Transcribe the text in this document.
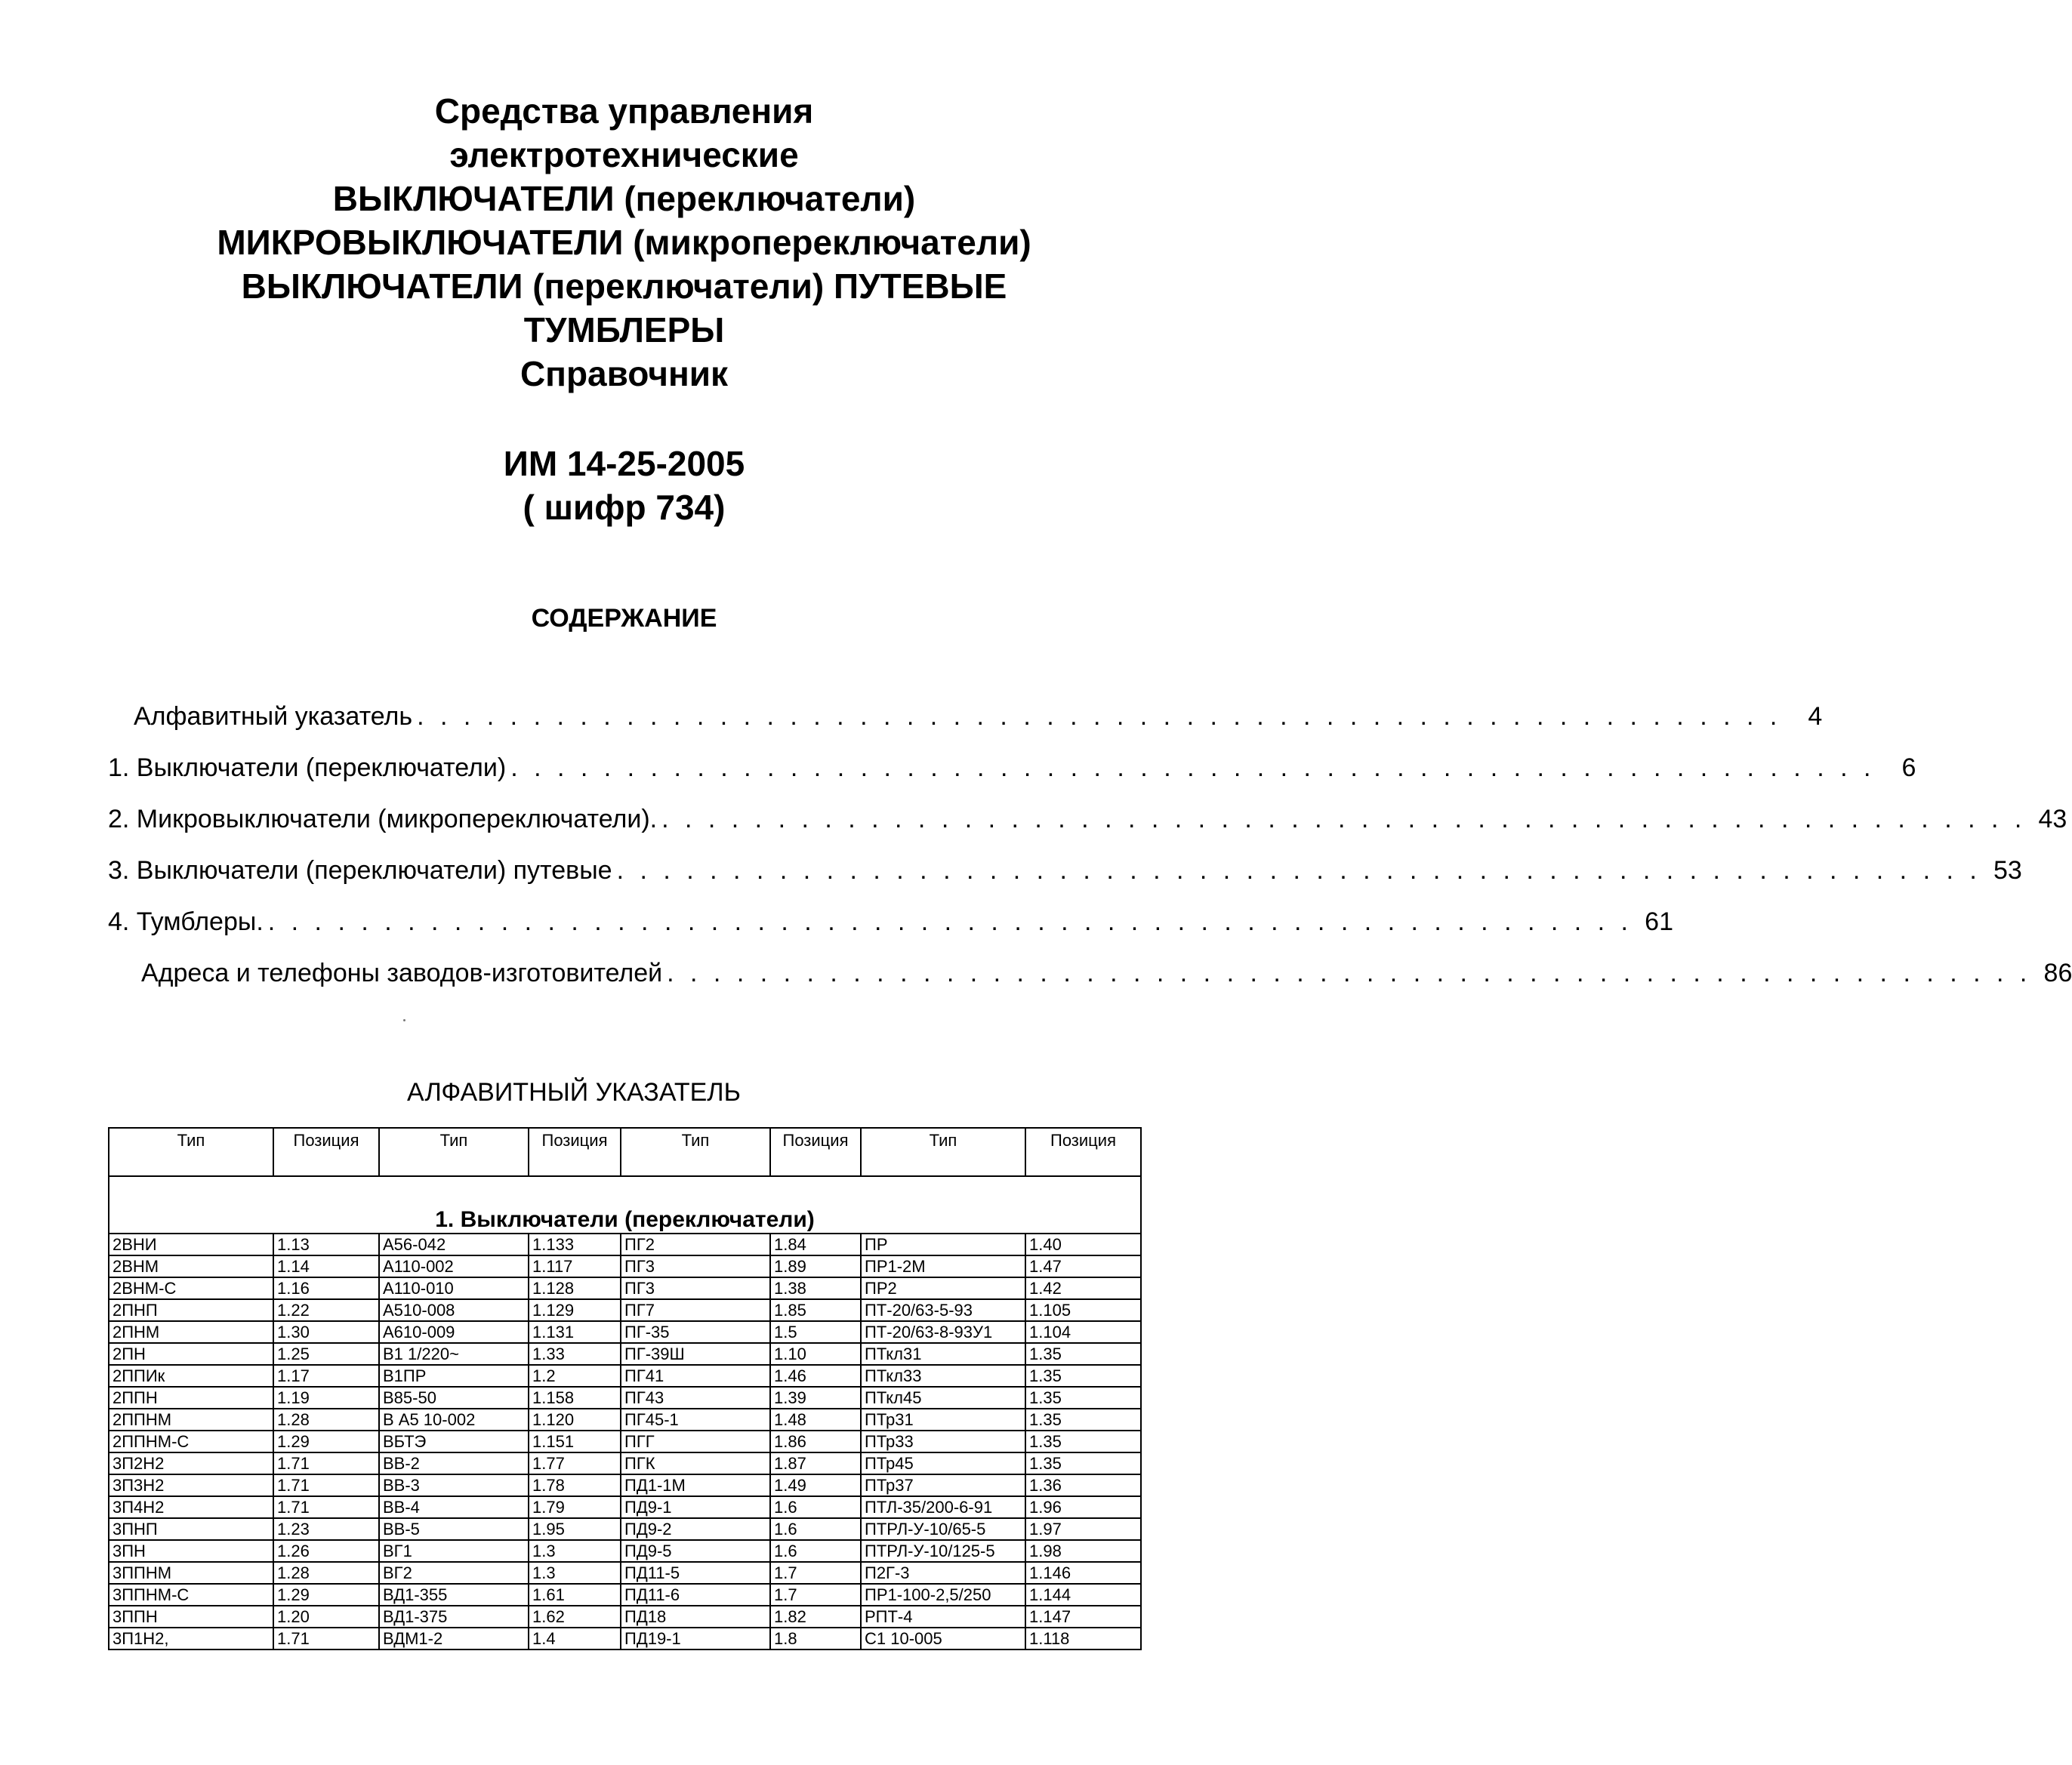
Средства управления
электротехнические
ВЫКЛЮЧАТЕЛИ (переключатели)
МИКРОВЫКЛЮЧАТЕЛИ (микропереключатели)
ВЫКЛЮЧАТЕЛИ (переключатели) ПУТЕВЫЕ
ТУМБЛЕРЫ
Справочник
ИМ 14-25-2005
( шифр 734)
СОДЕРЖАНИЕ
Алфавитный указатель . . . . . . . . . . . . . . . . . . . . . . . . . . . . . . . . . . . . . . . . . . . . . . . . . . . . . . . . . . .	4
1. Выключатели (переключатели) . . . . . . . . . . . . . . . . . . . . . . . . . . . . . . . . . . . . . . . . . . . . . . . . . . . . . . . . . . .	6
2. Микровыключатели (микропереключатели). . . . . . . . . . . . . . . . . . . . . . . . . . . . . . . . . . . . . . . . . . . . . . . . . . . . . . . . . . . . 43
3. Выключатели (переключатели) путевые . . . . . . . . . . . . . . . . . . . . . . . . . . . . . . . . . . . . . . . . . . . . . . . . . . . . . . . . . . . 53
4. Тумблеры. . . . . . . . . . . . . . . . . . . . . . . . . . . . . . . . . . . . . . . . . . . . . . . . . . . . . . . . . . . . 61
Адреса и телефоны заводов-изготовителей . . . . . . . . . . . . . . . . . . . . . . . . . . . . . . . . . . . . . . . . . . . . . . . . . . . . . . . . . . . 86
АЛФАВИТНЫЙ УКАЗАТЕЛЬ
Тип	Позиция	Тип	Позиция	Тип	Позиция	Тип	Позиция
1. Выключатели (переключатели)							
2ВНИ	1.13	А56-042	1.133	ПГ2	1.84	ПР	1.40
2ВНМ	1.14	А110-002	1.117	ПГ3	1.89	ПР1-2М	1.47
2ВНМ-С	1.16	А110-010	1.128	ПГ3	1.38	ПР2	1.42
2ПНП	1.22	А510-008	1.129	ПГ7	1.85	ПТ-20/63-5-93	1.105
2ПНМ	1.30	А610-009	1.131	ПГ-35	1.5	ПТ-20/63-8-93У1	1.104
2ПН	1.25	В1 1/220~	1.33	ПГ-39Ш	1.10	ПТкл31	1.35
2ППИк	1.17	В1ПР	1.2	ПГ41	1.46	ПТкл33	1.35
2ППН	1.19	В85-50	1.158	ПГ43	1.39	ПТкл45	1.35
2ППНМ	1.28	В А5 10-002	1.120	ПГ45-1	1.48	ПТр31	1.35
2ППНМ-С	1.29	ВБТЭ	1.151	ПГГ	1.86	ПТр33	1.35
3П2Н2	1.71	ВВ-2	1.77	ПГК	1.87	ПТр45	1.35
3П3Н2	1.71	ВВ-3	1.78	ПД1-1М	1.49	ПТр37	1.36
3П4Н2	1.71	ВВ-4	1.79	ПД9-1	1.6	ПТЛ-35/200-6-91	1.96
3ПНП	1.23	ВВ-5	1.95	ПД9-2	1.6	ПТРЛ-У-10/65-5	1.97
3ПН	1.26	ВГ1	1.3	ПД9-5	1.6	ПТРЛ-У-10/125-5	1.98
3ППНМ	1.28	ВГ2	1.3	ПД11-5	1.7	П2Г-3	1.146
3ППНМ-С	1.29	ВД1-355	1.61	ПД11-6	1.7	ПР1-100-2,5/250	1.144
3ППН	1.20	ВД1-375	1.62	ПД18	1.82	РПТ-4	1.147
3П1Н2,	1.71	ВДМ1-2	1.4	ПД19-1	1.8	С1 10-005	1.118
